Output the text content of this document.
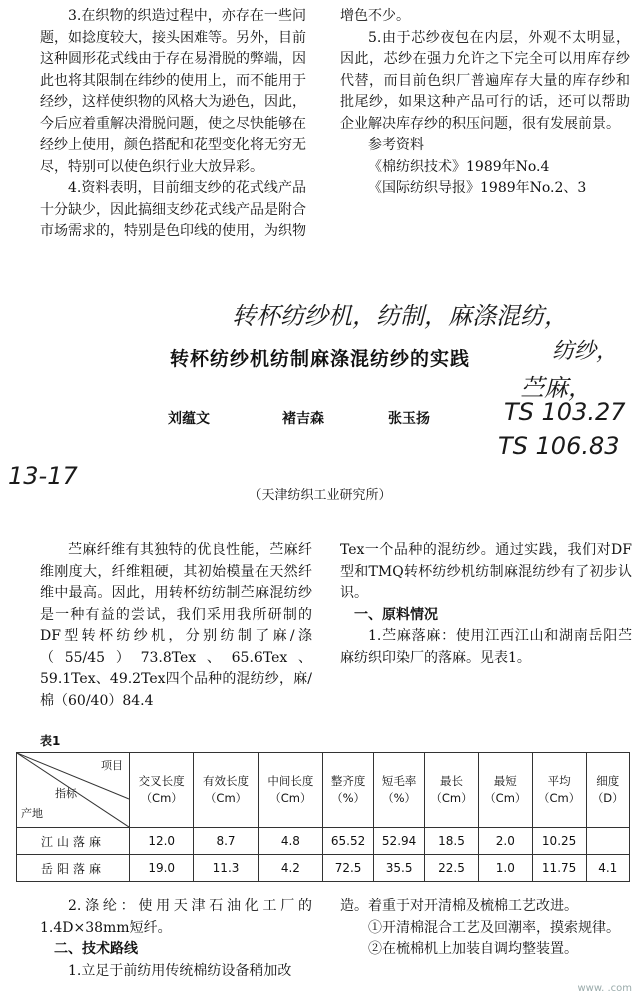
3.在织物的织造过程中，亦存在一些问题，如捻度较大，接头困难等。另外，目前这种圆形花式线由于存在易滑脱的弊端，因此也将其限制在纬纱的使用上，而不能用于经纱，这样使织物的风格大为逊色，因此，今后应着重解决滑脱问题，使之尽快能够在经纱上使用，颜色搭配和花型变化将无穷无尽，特别可以使色织行业大放异彩。

4.资料表明，目前细支纱的花式线产品十分缺少，因此搞细支纱花式线产品是附合市场需求的，特别是色印线的使用，为织物

增色不少。

5.由于芯纱夜包在内层，外观不太明显，因此，芯纱在强力允许之下完全可以用库存纱代替，而目前色织厂普遍库存大量的库存纱和批尾纱，如果这种产品可行的话，还可以帮助企业解决库存纱的积压问题，很有发展前景。

参考资料

《棉纺织技术》1989年No.4

《国际纺织导报》1989年No.2、3

转杯纺纱机，纺制，麻涤混纺，
纺纱，
苎麻，
TS 103.27
TS 106.83
13-17
转杯纺纱机纺制麻涤混纺纱的实践
刘蕴文	褚吉森	张玉扬
（天津纺织工业研究所）

苎麻纤维有其独特的优良性能，苎麻纤维刚度大，纤维粗硬，其初始模量在天然纤维中最高。因此，用转杯纺纺制苎麻混纺纱是一种有益的尝试，我们采用我所研制的DF型转杯纺纱机，分别纺制了麻/涤（55/45）73.8Tex、65.6Tex、59.1Tex、49.2Tex四个品种的混纺纱，麻/棉（60/40）84.4

Tex一个品种的混纺纱。通过实践，我们对DF型和TMQ转杯纺纱机纺制麻混纺纱有了初步认识。

一、原料情况

1.苎麻落麻：使用江西江山和湖南岳阳苎麻纺织印染厂的落麻。见表1。

表1
项目
指标
产地	交叉长度（Cm）	有效长度（Cm）	中间长度（Cm）	整齐度（%）	短毛率（%）	最长（Cm）	最短（Cm）	平均（Cm）	细度（D）
江山落麻	12.0	8.7	4.8	65.52	52.94	18.5	2.0	10.25	
岳阳落麻	19.0	11.3	4.2	72.5	35.5	22.5	1.0	11.75	4.1

2.涤纶：使用天津石油化工厂的1.4D×38mm短纤。

二、技术路线

1.立足于前纺用传统棉纺设备稍加改

造。着重于对开清棉及梳棉工艺改进。

①开清棉混合工艺及回潮率，摸索规律。

②在梳棉机上加装自调均整装置。

www. .com
